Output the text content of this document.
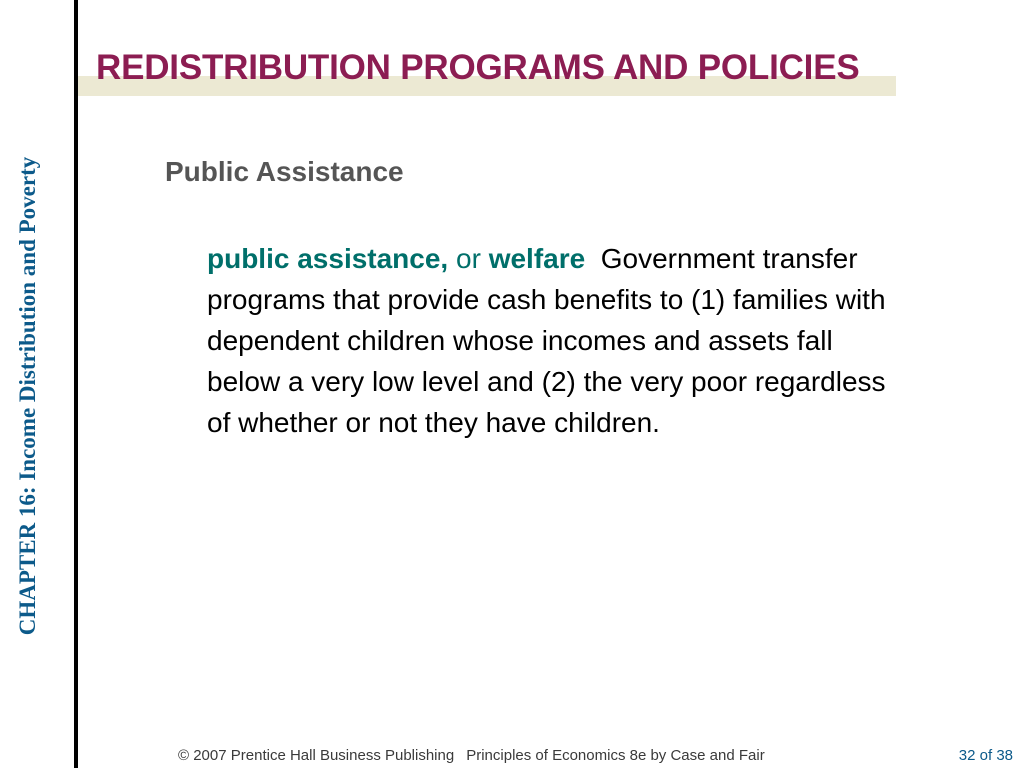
CHAPTER 16: Income Distribution and Poverty
REDISTRIBUTION PROGRAMS AND POLICIES
Public Assistance

public assistance, or welfare Government transfer programs that provide cash benefits to (1) families with dependent children whose incomes and assets fall below a very low level and (2) the very poor regardless of whether or not they have children.

© 2007 Prentice Hall Business Publishing Principles of Economics 8e by Case and Fair	32 of 38
